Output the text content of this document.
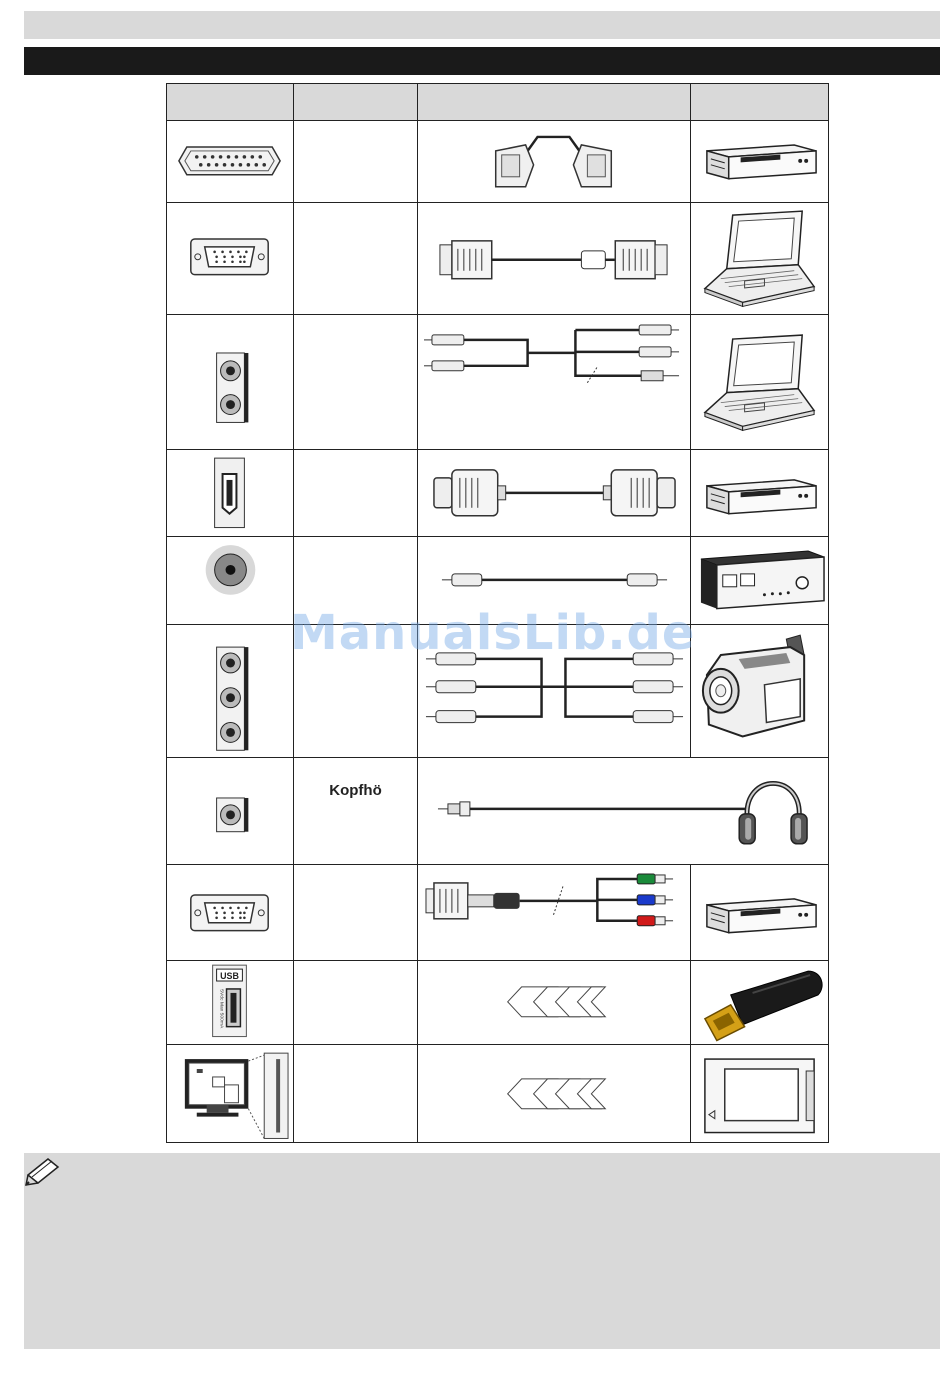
	Kopfhö	

USB
5Vdc Max 500mA

ManualsLib.de
